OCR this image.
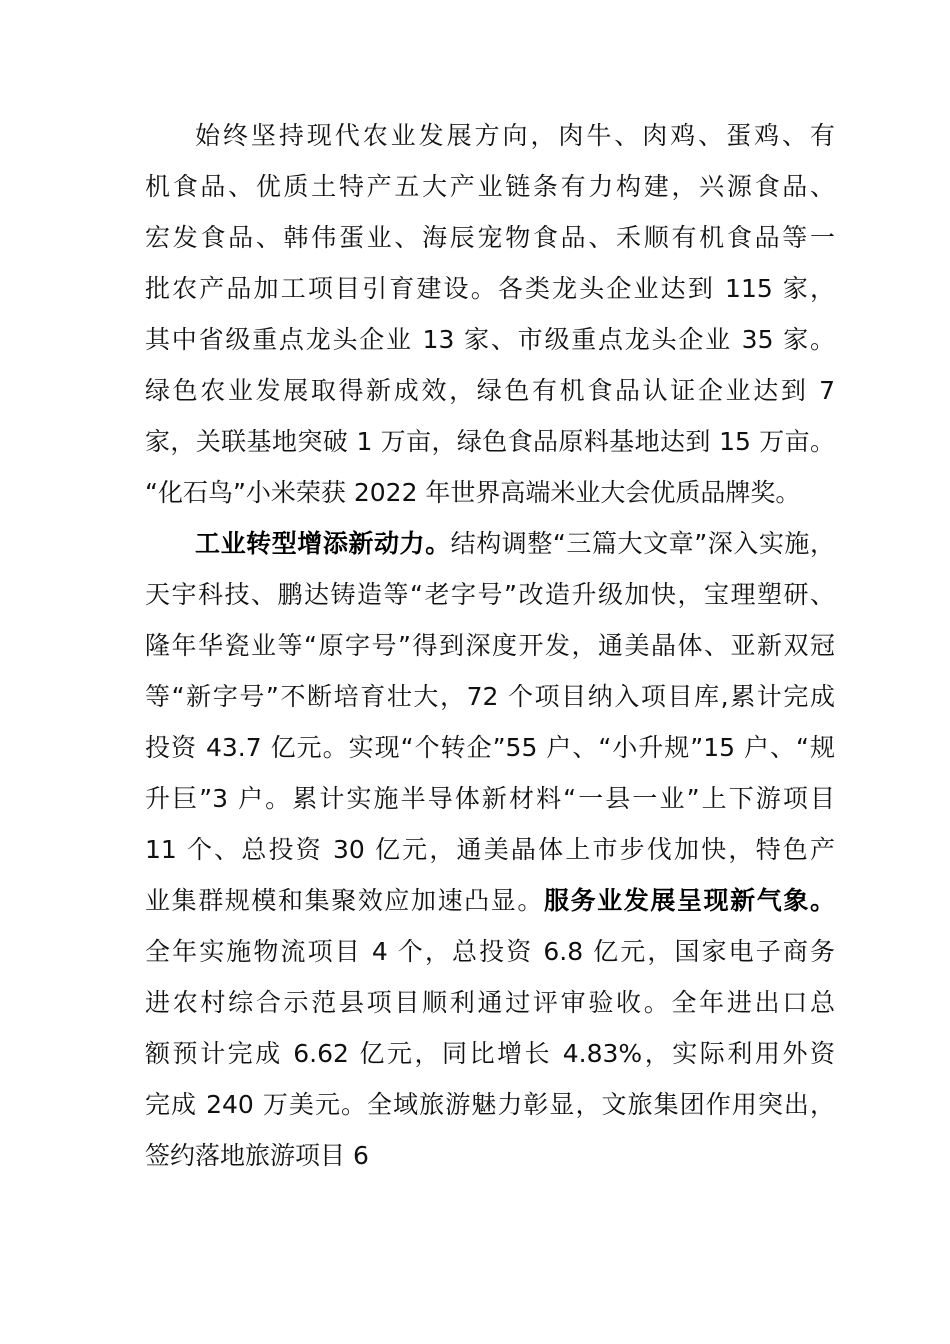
始终坚持现代农业发展方向，肉牛、肉鸡、蛋鸡、有
机食品、优质土特产五大产业链条有力构建，兴源食品、
宏发食品、韩伟蛋业、海辰宠物食品、禾顺有机食品等一
批农产品加工项目引育建设。各类龙头企业达到 115 家，
其中省级重点龙头企业 13 家、市级重点龙头企业 35 家。
绿色农业发展取得新成效，绿色有机食品认证企业达到 7
家，关联基地突破 1 万亩，绿色食品原料基地达到 15 万亩。
“化石鸟”小米荣获 2022 年世界高端米业大会优质品牌奖。
工业转型增添新动力。结构调整“三篇大文章”深入实施，
天宇科技、鹏达铸造等“老字号”改造升级加快，宝理塑研、
隆年华瓷业等“原字号”得到深度开发，通美晶体、亚新双冠
等“新字号”不断培育壮大，72 个项目纳入项目库,累计完成
投资 43.7 亿元。实现“个转企”55 户、“小升规”15 户、“规
升巨”3 户。累计实施半导体新材料“一县一业”上下游项目
11 个、总投资 30 亿元，通美晶体上市步伐加快，特色产
业集群规模和集聚效应加速凸显。服务业发展呈现新气象。
全年实施物流项目 4 个，总投资 6.8 亿元，国家电子商务
进农村综合示范县项目顺利通过评审验收。全年进出口总
额预计完成 6.62 亿元，同比增长 4.83%，实际利用外资
完成 240 万美元。全域旅游魅力彰显，文旅集团作用突出，
签约落地旅游项目 6
